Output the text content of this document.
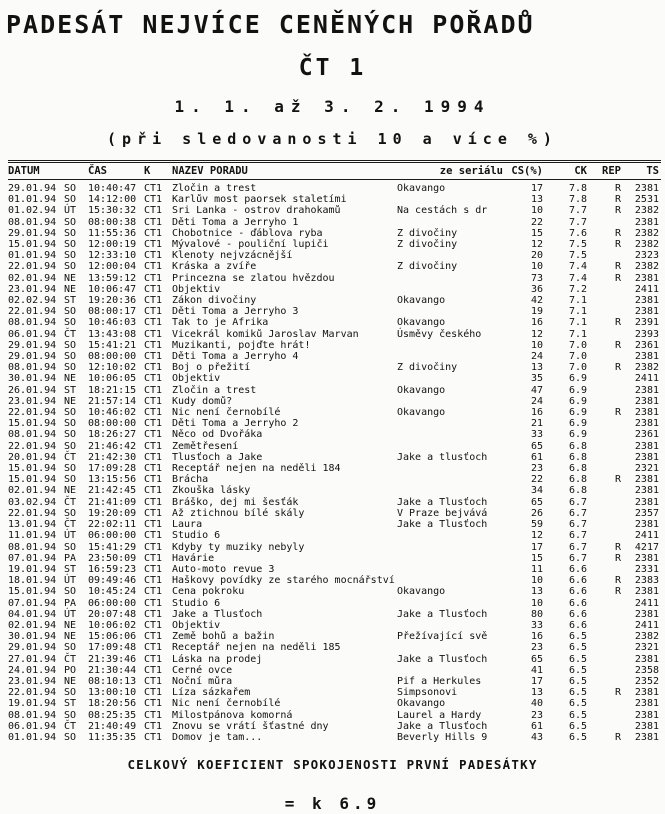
PADESÁT NEJVÍCE CENĚNÝCH POŘADŮ
ČT 1
1. 1. až 3. 2. 1994
(při sledovanosti 10 a více %)
DATUM	ČAS	K	NAZEV PORADU	ze seriálu CS(%)	CK	REP	TS
29.01.94 SO	10:40:47 CT1 Zločin a trest	Okavango	17	7.8	R	2381
01.01.94 SO	14:12:00 CT1 Karlův most paorsek staletími	13	7.8	R	2531
01.02.94 ÚT	15:30:32 CT1 Sri Lanka - ostrov drahokamů	Na cestách s dr	10	7.7	R	2382
08.01.94 SO	08:00:38 CT1 Děti Toma a Jerryho 1	22	7.7	2381
29.01.94 SO	11:55:36 CT1 Chobotnice - ďáblova ryba	Z divočiny	15	7.6	R	2382
15.01.94 SO	12:00:19 CT1 Mývalové - pouliční lupiči	Z divočiny	12	7.5	R	2382
01.01.94 SO	12:33:10 CT1 Klenoty nejvzácnější	20	7.5	2323
22.01.94 SO	12:00:04 CT1 Kráska a zvíře	Z divočiny	10	7.4	R	2382
02.01.94 NE	13:59:12 CT1 Princezna se zlatou hvězdou	73	7.4	R	2381
23.01.94 NE	10:06:47 CT1 Objektiv	36	7.2	2411
02.02.94 ST	19:20:36 CT1 Zákon divočiny	Okavango	42	7.1	2381
22.01.94 SO	08:00:17 CT1 Děti Toma a Jerryho 3	19	7.1	2381
08.01.94 SO	10:46:03 CT1 Tak to je Afrika	Okavango	16	7.1	R	2391
06.01.94 ČT	13:43:08 CT1 Vicekrál komiků Jaroslav Marvan	Úsměvy českého	12	7.1	2393
29.01.94 SO	15:41:21 CT1 Muzikanti, pojďte hrát!	10	7.0	R	2361
29.01.94 SO	08:00:00 CT1 Děti Toma a Jerryho 4	24	7.0	2381
08.01.94 SO	12:10:02 CT1 Boj o přežití	Z divočiny	13	7.0	R	2382
30.01.94 NE	10:06:05 CT1 Objektiv	35	6.9	2411
26.01.94 ST	18:21:15 CT1 Zločin a trest	Okavango	47	6.9	2381
23.01.94 NE	21:57:14 CT1 Kudy domů?	24	6.9	2381
22.01.94 SO	10:46:02 CT1 Nic není černobílé	Okavango	16	6.9	R	2381
15.01.94 SO	08:00:00 CT1 Děti Toma a Jerryho 2	21	6.9	2381
08.01.94 SO	18:26:27 CT1 Něco od Dvořáka	33	6.9	2361
22.01.94 SO	21:46:42 CT1 Zemětřesení	65	6.8	2381
20.01.94 ČT	21:42:30 CT1 Tlusťoch a Jake	Jake a tlusťoch	61	6.8	2381
15.01.94 SO	17:09:28 CT1 Receptář nejen na neděli 184	23	6.8	2321
15.01.94 SO	13:15:56 CT1 Brácha	22	6.8	R	2381
02.01.94 NE	21:42:45 CT1 Zkouška lásky	34	6.8	2381
03.02.94 ČT	21:41:09 CT1 Bráško, dej mi šesťák	Jake a Tlusťoch	65	6.7	2381
22.01.94 SO	19:20:09 CT1 Až ztichnou bílé skály	V Praze bejvává	26	6.7	2357
13.01.94 ČT	22:02:11 CT1 Laura	Jake a Tlusťoch	59	6.7	2381
11.01.94 ÚT	06:00:00 CT1 Studio 6	12	6.7	2411
08.01.94 SO	15:41:29 CT1 Kdyby ty muziky nebyly	17	6.7	R	4217
07.01.94 PA	23:50:09 CT1 Havárie	15	6.7	R	2381
19.01.94 ST	16:59:23 CT1 Auto-moto revue 3	11	6.6	2331
18.01.94 ÚT	09:49:46 CT1 Haškovy povídky ze starého mocnářství	10	6.6	R	2383
15.01.94 SO	10:45:24 CT1 Cena pokroku	Okavango	13	6.6	R	2381
07.01.94 PA	06:00:00 CT1 Studio 6	10	6.6	2411
04.01.94 ÚT	20:07:48 CT1 Jake a Tlusťoch	Jake a Tlusťoch	80	6.6	2381
02.01.94 NE	10:06:02 CT1 Objektiv	33	6.6	2411
30.01.94 NE	15:06:06 CT1 Země bohů a bažin	Přežívající svě	16	6.5	2382
29.01.94 SO	17:09:48 CT1 Receptář nejen na neděli 185	23	6.5	2321
27.01.94 ČT	21:39:46 CT1 Láska na prodej	Jake a Tlusťoch	65	6.5	2381
24.01.94 PO	21:30:44 CT1 Černé ovce	41	6.5	2358
23.01.94 NE	08:10:13 CT1 Noční můra	Pif a Herkules	17	6.5	2352
22.01.94 SO	13:00:10 CT1 Líza sázkařem	Simpsonovi	13	6.5	R	2381
19.01.94 ST	18:20:56 CT1 Nic není černobílé	Okavango	40	6.5	2381
08.01.94 SO	08:25:35 CT1 Milostpánova komorná	Laurel a Hardy	23	6.5	2381
06.01.94 ČT	21:40:49 CT1 Znovu se vrátí šťastné dny	Jake a Tlusťoch	61	6.5	2381
01.01.94 SO	11:35:35 CT1 Domov je tam...	Beverly Hills 9	43	6.5	R	2381
CELKOVÝ KOEFICIENT SPOKOJENOSTI PRVNÍ PADESÁTKY
= k 6.9
